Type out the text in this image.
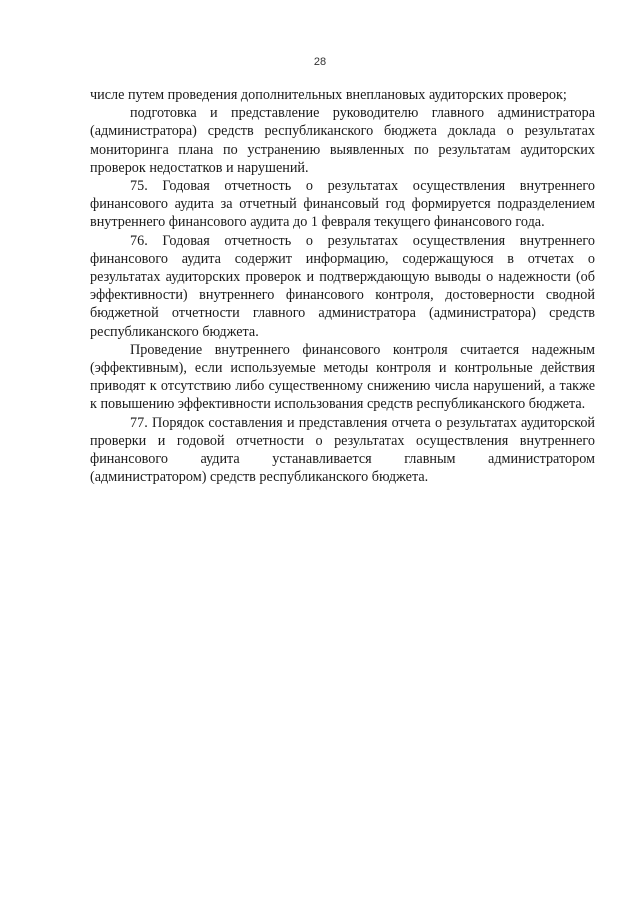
28

числе путем проведения дополнительных внеплановых аудиторских проверок;

подготовка и представление руководителю главного администратора (администратора) средств республиканского бюджета доклада о результатах мониторинга плана по устранению выявленных по результатам аудиторских проверок недостатков и нарушений.

75. Годовая отчетность о результатах осуществления внутреннего финансового аудита за отчетный финансовый год формируется подразделением внутреннего финансового аудита до 1 февраля текущего финансового года.

76. Годовая отчетность о результатах осуществления внутреннего финансового аудита содержит информацию, содержащуюся в отчетах о результатах аудиторских проверок и подтверждающую выводы о надежности (об эффективности) внутреннего финансового контроля, достоверности сводной бюджетной отчетности главного администратора (администратора) средств республиканского бюджета.

Проведение внутреннего финансового контроля считается надежным (эффективным), если используемые методы контроля и контрольные действия приводят к отсутствию либо существенному снижению числа нарушений, а также к повышению эффективности использования средств республиканского бюджета.

77. Порядок составления и представления отчета о результатах аудиторской проверки и годовой отчетности о результатах осуществления внутреннего финансового аудита устанавливается главным администратором (администратором) средств республиканского бюджета.
